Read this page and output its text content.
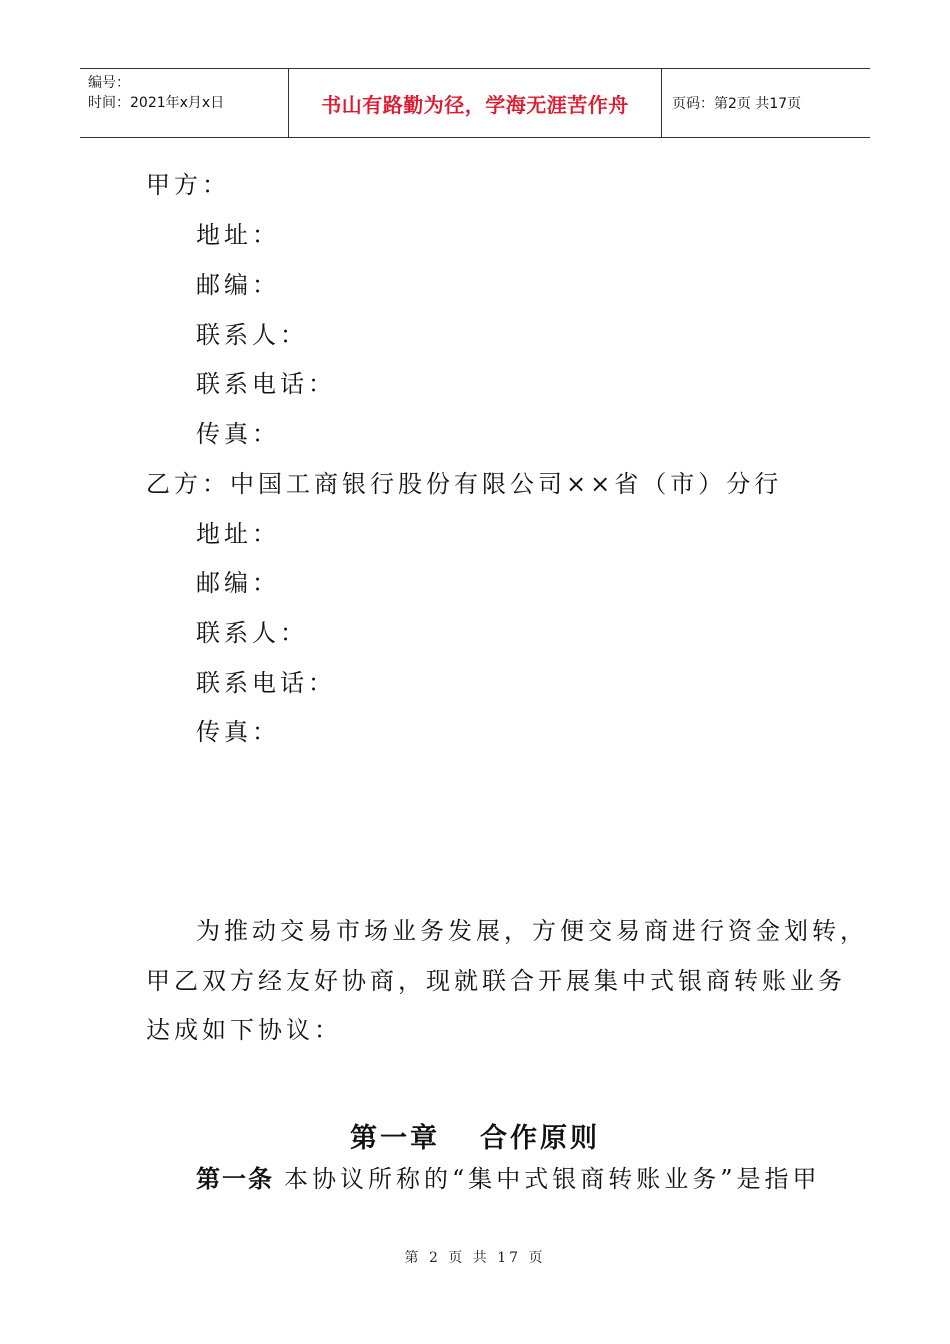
编号：
时间：2021年x月x日	书山有路勤为径，学海无涯苦作舟	页码：第2页 共17页
甲方：
地址：
邮编：
联系人：
联系电话：
传真：
乙方：中国工商银行股份有限公司××省（市）分行
地址：
邮编：
联系人：
联系电话：
传真：
为推动交易市场业务发展，方便交易商进行资金划转，
甲乙双方经友好协商，现就联合开展集中式银商转账业务
达成如下协议：
第一章 合作原则
第一条 本协议所称的“集中式银商转账业务”是指甲
第 2 页 共 17 页
